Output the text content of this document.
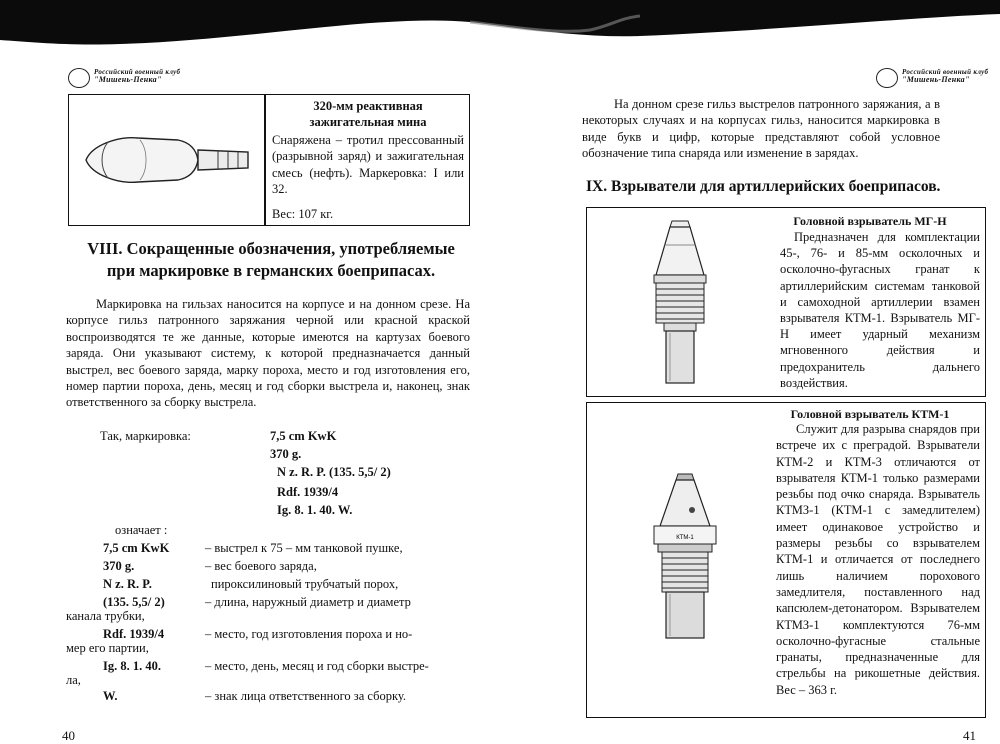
Российский военный клуб
"Мишень-Пенка"
320-мм реактивная зажигательная мина
Снаряжена – тротил прессованный (разрывной заряд) и зажигательная смесь (нефть). Маркеровка: I или 32.
Вес: 107 кг.
VIII. Сокращенные обозначения, употребляемые
при маркировке в германских боеприпасах.
Маркировка на гильзах наносится на корпусе и на донном срезе. На корпусе гильз патронного заряжания черной или красной краской воспроизводятся те же данные, которые имеются на картузах боевого заряда. Они указывают систему, к которой предназначается данный выстрел, вес боевого заряда, марку пороха, место и год изготовления его, номер партии пороха, день, месяц и год сборки выстрела и, наконец, знак ответственного за сборку выстрела.
Так, маркировка:	7,5 cm KwK
370 g.
N z. R. P. (135. 5,5/ 2)
Rdf. 1939/4
Ig. 8. 1. 40. W.
означает :
7,5 cm KwK	– выстрел к 75 – мм танковой пушке,
370 g.	– вес боевого заряда,
N z. R. P.	пироксилиновый трубчатый порох,
(135. 5,5/ 2)	– длина, наружный диаметр и диаметр
канала трубки,
Rdf. 1939/4	– место, год изготовления пороха и но-
мер его партии,
Ig. 8. 1. 40.	– место, день, месяц и год сборки выстре-
ла,
W.	– знак лица ответственного за сборку.
40
Российский военный клуб
"Мишень-Пенка"
На донном срезе гильз выстрелов патронного заряжания, а в некоторых случаях и на корпусах гильз, наносится маркировка в виде букв и цифр, которые представляют собой условное обозначение типа снаряда или изменение в зарядах.
IX. Взрыватели для артиллерийских боеприпасов.
Головной взрыватель МГ-Н
Предназначен для комплектации 45-, 76- и 85-мм осколочных и осколочно-фугасных гранат к артиллерийским системам танковой и самоходной артиллерии взамен взрывателя КТМ-1. Взрыватель МГ-Н имеет ударный механизм мгновенного действия и предохранитель дальнего воздействия.
КТМ-1
Головной взрыватель КТМ-1
Служит для разрыва снарядов при встрече их с преградой. Взрыватели КТМ-2 и КТМ-3 отличаются от взрывателя КТМ-1 только размерами резьбы под очко снаряда. Взрыватель КТМЗ-1 (КТМ-1 с замедлителем) имеет одинаковое устройство и размеры резьбы со взрывателем КТМ-1 и отличается от последнего лишь наличием порохового замедлителя, поставленного над капсюлем-детонатором. Взрывателем КТМЗ-1 комплектуются 76-мм осколочно-фугасные стальные гранаты, предназначенные для стрельбы на рикошетные действия. Вес – 363 г.
41
